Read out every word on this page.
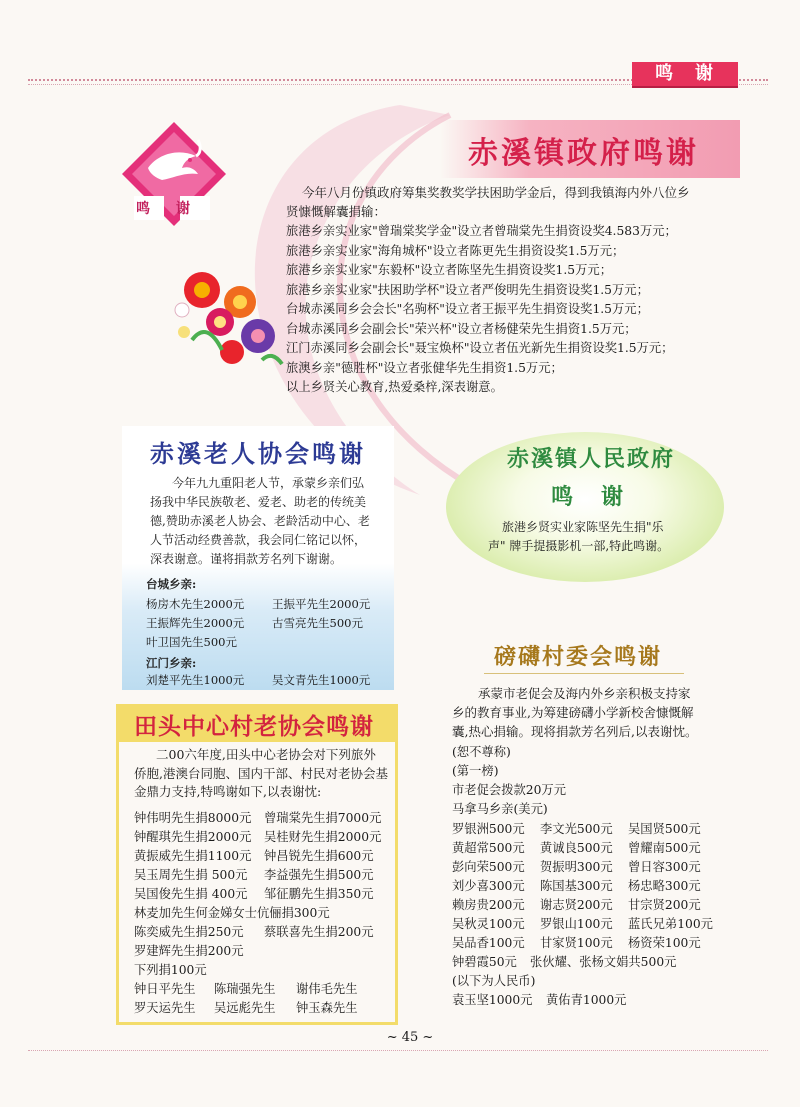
鸣谢
鸣谢
赤溪镇政府鸣谢
今年八月份镇政府筹集奖教奖学扶困助学金后，得到我镇海内外八位乡
贤慷慨解囊捐输：
旅港乡亲实业家"曾瑞棠奖学金"设立者曾瑞棠先生捐资设奖4.583万元；
旅港乡亲实业家"海角城杯"设立者陈更先生捐资设奖1.5万元；
旅港乡亲实业家"东毅杯"设立者陈坚先生捐资设奖1.5万元；
旅港乡亲实业家"扶困助学杯"设立者严俊明先生捐资设奖1.5万元；
台城赤溪同乡会会长"名驹杯"设立者王振平先生捐资设奖1.5万元；
台城赤溪同乡会副会长"荣兴杯"设立者杨健荣先生捐资1.5万元；
江门赤溪同乡会副会长"聂宝焕杯"设立者伍光新先生捐资设奖1.5万元；
旅澳乡亲"德胜杯"设立者张健华先生捐资1.5万元；
以上乡贤关心教育,热爱桑梓,深表谢意。
赤溪老人协会鸣谢
今年九九重阳老人节，承蒙乡亲们弘
扬我中华民族敬老、爱老、助老的传统美
德,赞助赤溪老人协会、老龄活动中心、老
人节活动经费善款，我会同仁铭记以怀，
深表谢意。谨将捐款芳名列下谢谢。
台城乡亲:
杨房木先生2000元 王振平先生2000元
王振辉先生2000元 古雪亮先生500元
叶卫国先生500元
江门乡亲:
刘楚平先生1000元 吴文青先生1000元
赤溪镇人民政府
鸣谢
旅港乡贤实业家陈坚先生捐"乐
声" 牌手提摄影机一部,特此鸣谢。
田头中心村老协会鸣谢
二00六年度,田头中心老协会对下列旅外
侨胞,港澳台同胞、国内干部、村民对老协会基
金鼎力支持,特鸣谢如下,以表谢忱:
钟伟明先生捐8000元 曾瑞棠先生捐7000元
钟醒琪先生捐2000元 吴桂财先生捐2000元
黄振威先生捐1100元 钟昌锐先生捐600元
吴玉周先生捐 500元 李益强先生捐500元
吴国俊先生捐 400元 邹征鹏先生捐350元
林麦加先生何金娣女士伉俪捐300元
陈奕威先生捐250元 蔡联喜先生捐200元
罗建辉先生捐200元
下列捐100元
钟日平先生 陈瑞强先生 谢伟毛先生
罗天运先生 吴远彪先生 钟玉森先生
磅礴村委会鸣谢
承蒙市老促会及海内外乡亲积极支持家
乡的教育事业,为筹建磅礴小学新校舍慷慨解
囊,热心捐输。现将捐款芳名列后,以表谢忱。
(恕不尊称)
(第一榜)
市老促会拨款20万元
马拿马乡亲(美元)
罗银洲500元 李文光500元 吴国贤500元
黄超常500元 黄诚良500元 曾耀南500元
彭向荣500元 贺振明300元 曾日容300元
刘少喜300元 陈国基300元 杨忠略300元
赖房贵200元 谢志贤200元 甘宗贤200元
吴秋灵100元 罗银山100元 蓝氏兄弟100元
吴品香100元 甘家贤100元 杨资荣100元
钟碧霞50元 张伙耀、张杨文娟共500元
(以下为人民币)
袁玉坚1000元 黄佑青1000元
~ 45 ~
